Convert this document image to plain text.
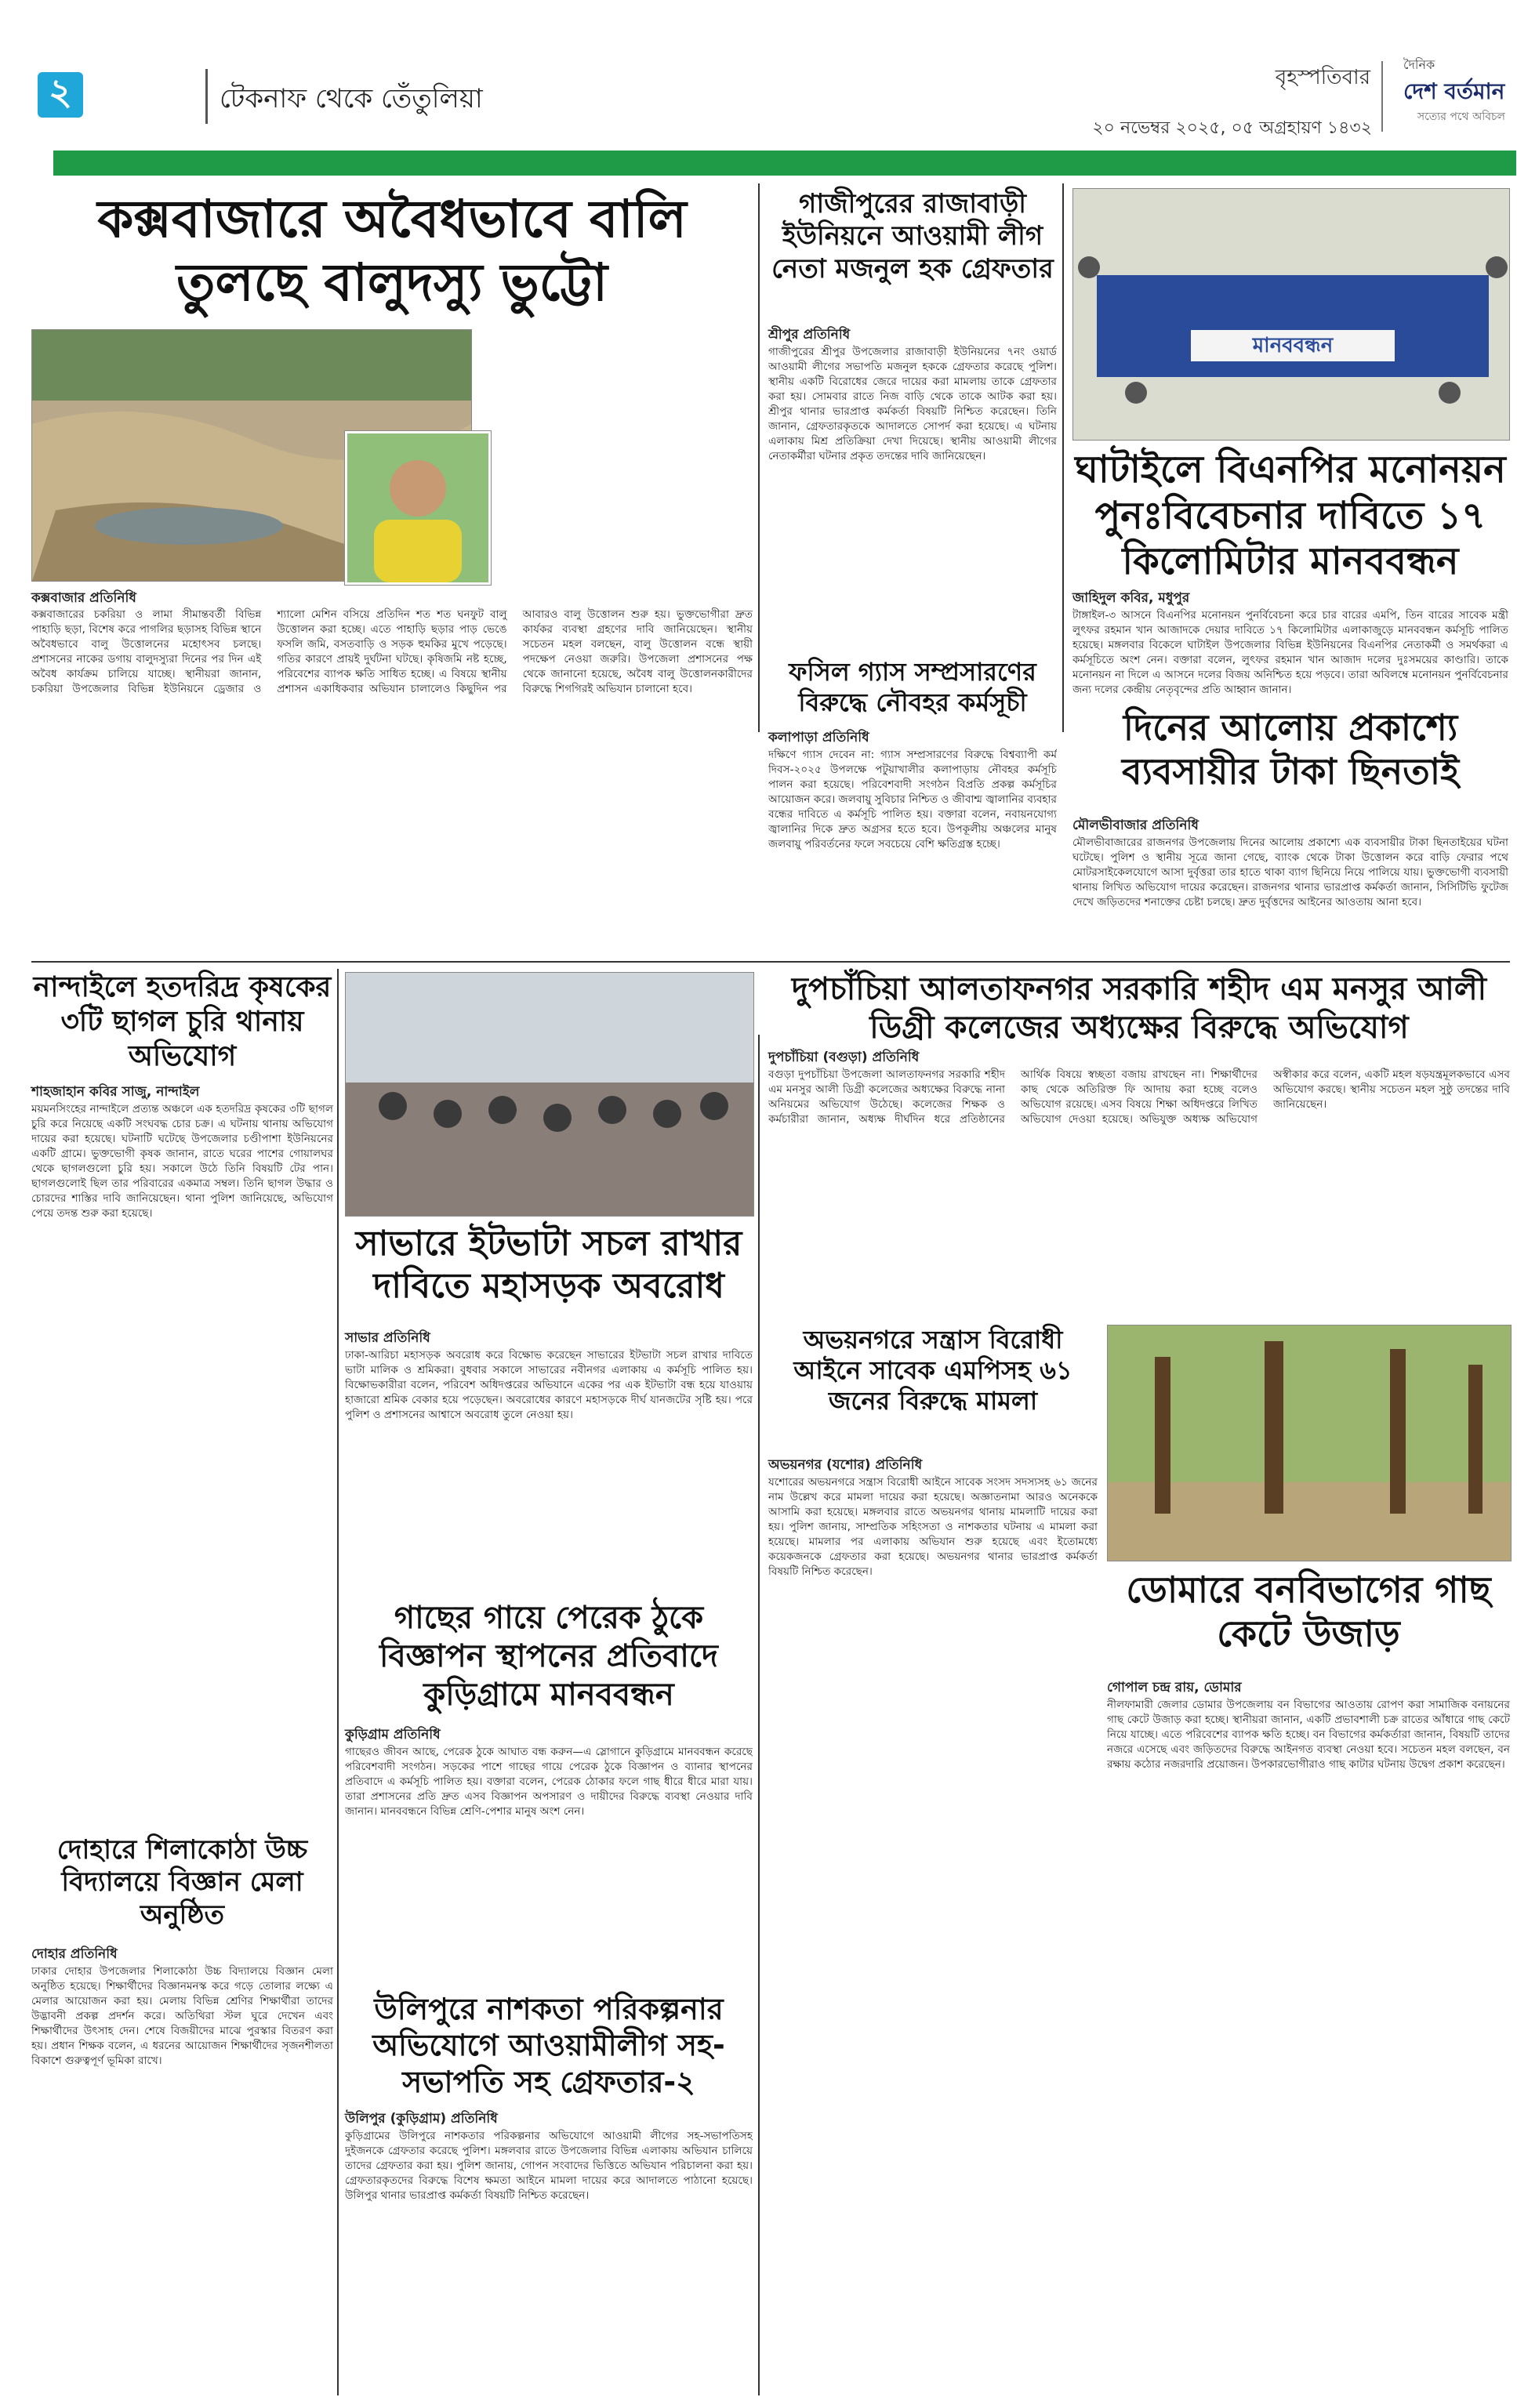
২	টেকনাফ থেকে তেঁতুলিয়া
বৃহস্পতিবার
২০ নভেম্বর ২০২৫, ০৫ অগ্রহায়ণ ১৪৩২
দৈনিক
দেশ বর্তমান
সত্যের পথে অবিচল
কক্সবাজারে অবৈধভাবে বালি তুলছে বালুদস্যু ভুট্টো
কক্সবাজার প্রতিনিধি
কক্সবাজারের চকরিয়া ও লামা সীমান্তবর্তী বিভিন্ন পাহাড়ি ছড়া, বিশেষ করে পাগলির ছড়াসহ বিভিন্ন স্থানে অবৈধভাবে বালু উত্তোলনের মহোৎসব চলছে। প্রশাসনের নাকের ডগায় বালুদস্যুরা দিনের পর দিন এই অবৈধ কার্যক্রম চালিয়ে যাচ্ছে। স্থানীয়রা জানান, চকরিয়া উপজেলার বিভিন্ন ইউনিয়নে ড্রেজার ও শ্যালো মেশিন বসিয়ে প্রতিদিন শত শত ঘনফুট বালু উত্তোলন করা হচ্ছে। এতে পাহাড়ি ছড়ার পাড় ভেঙে ফসলি জমি, বসতবাড়ি ও সড়ক হুমকির মুখে পড়েছে। গতির কারণে প্রায়ই দুর্ঘটনা ঘটছে। কৃষিজমি নষ্ট হচ্ছে, পরিবেশের ব্যাপক ক্ষতি সাধিত হচ্ছে। এ বিষয়ে স্থানীয় প্রশাসন একাধিকবার অভিযান চালালেও কিছুদিন পর আবারও বালু উত্তোলন শুরু হয়। ভুক্তভোগীরা দ্রুত কার্যকর ব্যবস্থা গ্রহণের দাবি জানিয়েছেন। স্থানীয় সচেতন মহল বলছেন, বালু উত্তোলন বন্ধে স্থায়ী পদক্ষেপ নেওয়া জরুরি। উপজেলা প্রশাসনের পক্ষ থেকে জানানো হয়েছে, অবৈধ বালু উত্তোলনকারীদের বিরুদ্ধে শিগগিরই অভিযান চালানো হবে।
গাজীপুরের রাজাবাড়ী ইউনিয়নে আওয়ামী লীগ নেতা মজনুল হক গ্রেফতার
শ্রীপুর প্রতিনিধি
গাজীপুরের শ্রীপুর উপজেলার রাজাবাড়ী ইউনিয়নের ৭নং ওয়ার্ড আওয়ামী লীগের সভাপতি মজনুল হককে গ্রেফতার করেছে পুলিশ। স্থানীয় একটি বিরোধের জেরে দায়ের করা মামলায় তাকে গ্রেফতার করা হয়। সোমবার রাতে নিজ বাড়ি থেকে তাকে আটক করা হয়। শ্রীপুর থানার ভারপ্রাপ্ত কর্মকর্তা বিষয়টি নিশ্চিত করেছেন। তিনি জানান, গ্রেফতারকৃতকে আদালতে সোপর্দ করা হয়েছে। এ ঘটনায় এলাকায় মিশ্র প্রতিক্রিয়া দেখা দিয়েছে। স্থানীয় আওয়ামী লীগের নেতাকর্মীরা ঘটনার প্রকৃত তদন্তের দাবি জানিয়েছেন।
ফসিল গ্যাস সম্প্রসারণের বিরুদ্ধে নৌবহর কর্মসূচী
কলাপাড়া প্রতিনিধি
দক্ষিণে গ্যাস দেবেন না: গ্যাস সম্প্রসারণের বিরুদ্ধে বিশ্বব্যাপী কর্ম দিবস-২০২৫ উপলক্ষে পটুয়াখালীর কলাপাড়ায় নৌবহর কর্মসূচি পালন করা হয়েছে। পরিবেশবাদী সংগঠন বিপ্রতি প্রকল্প কর্মসূচির আয়োজন করে। জলবায়ু সুবিচার নিশ্চিত ও জীবাশ্ম জ্বালানির ব্যবহার বন্ধের দাবিতে এ কর্মসূচি পালিত হয়। বক্তারা বলেন, নবায়নযোগ্য জ্বালানির দিকে দ্রুত অগ্রসর হতে হবে। উপকূলীয় অঞ্চলের মানুষ জলবায়ু পরিবর্তনের ফলে সবচেয়ে বেশি ক্ষতিগ্রস্ত হচ্ছে।
মানববন্ধন
ঘাটাইলে বিএনপির মনোনয়ন পুনঃবিবেচনার দাবিতে ১৭ কিলোমিটার মানববন্ধন
জাহিদুল কবির, মধুপুর
টাঙ্গাইল-৩ আসনে বিএনপির মনোনয়ন পুনর্বিবেচনা করে চার বারের এমপি, তিন বারের সাবেক মন্ত্রী লুৎফর রহমান খান আজাদকে দেয়ার দাবিতে ১৭ কিলোমিটার এলাকাজুড়ে মানববন্ধন কর্মসূচি পালিত হয়েছে। মঙ্গলবার বিকেলে ঘাটাইল উপজেলার বিভিন্ন ইউনিয়নের বিএনপির নেতাকর্মী ও সমর্থকরা এ কর্মসূচিতে অংশ নেন। বক্তারা বলেন, লুৎফর রহমান খান আজাদ দলের দুঃসময়ের কাণ্ডারি। তাকে মনোনয়ন না দিলে এ আসনে দলের বিজয় অনিশ্চিত হয়ে পড়বে। তারা অবিলম্বে মনোনয়ন পুনর্বিবেচনার জন্য দলের কেন্দ্রীয় নেতৃবৃন্দের প্রতি আহ্বান জানান।
দিনের আলোয় প্রকাশ্যে ব্যবসায়ীর টাকা ছিনতাই
মৌলভীবাজার প্রতিনিধি
মৌলভীবাজারের রাজনগর উপজেলায় দিনের আলোয় প্রকাশ্যে এক ব্যবসায়ীর টাকা ছিনতাইয়ের ঘটনা ঘটেছে। পুলিশ ও স্থানীয় সূত্রে জানা গেছে, ব্যাংক থেকে টাকা উত্তোলন করে বাড়ি ফেরার পথে মোটরসাইকেলযোগে আসা দুর্বৃত্তরা তার হাতে থাকা ব্যাগ ছিনিয়ে নিয়ে পালিয়ে যায়। ভুক্তভোগী ব্যবসায়ী থানায় লিখিত অভিযোগ দায়ের করেছেন। রাজনগর থানার ভারপ্রাপ্ত কর্মকর্তা জানান, সিসিটিভি ফুটেজ দেখে জড়িতদের শনাক্তের চেষ্টা চলছে। দ্রুত দুর্বৃত্তদের আইনের আওতায় আনা হবে।
নান্দাইলে হতদরিদ্র কৃষকের ৩টি ছাগল চুরি থানায় অভিযোগ
শাহজাহান কবির সাজু, নান্দাইল
ময়মনসিংহের নান্দাইলে প্রত্যন্ত অঞ্চলে এক হতদরিদ্র কৃষকের ৩টি ছাগল চুরি করে নিয়েছে একটি সংঘবদ্ধ চোর চক্র। এ ঘটনায় থানায় অভিযোগ দায়ের করা হয়েছে। ঘটনাটি ঘটেছে উপজেলার চণ্ডীপাশা ইউনিয়নের একটি গ্রামে। ভুক্তভোগী কৃষক জানান, রাতে ঘরের পাশের গোয়ালঘর থেকে ছাগলগুলো চুরি হয়। সকালে উঠে তিনি বিষয়টি টের পান। ছাগলগুলোই ছিল তার পরিবারের একমাত্র সম্বল। তিনি ছাগল উদ্ধার ও চোরদের শাস্তির দাবি জানিয়েছেন। থানা পুলিশ জানিয়েছে, অভিযোগ পেয়ে তদন্ত শুরু করা হয়েছে।
দোহারে শিলাকোঠা উচ্চ বিদ্যালয়ে বিজ্ঞান মেলা অনুষ্ঠিত
দোহার প্রতিনিধি
ঢাকার দোহার উপজেলার শিলাকোঠা উচ্চ বিদ্যালয়ে বিজ্ঞান মেলা অনুষ্ঠিত হয়েছে। শিক্ষার্থীদের বিজ্ঞানমনস্ক করে গড়ে তোলার লক্ষ্যে এ মেলার আয়োজন করা হয়। মেলায় বিভিন্ন শ্রেণির শিক্ষার্থীরা তাদের উদ্ভাবনী প্রকল্প প্রদর্শন করে। অতিথিরা স্টল ঘুরে দেখেন এবং শিক্ষার্থীদের উৎসাহ দেন। শেষে বিজয়ীদের মাঝে পুরস্কার বিতরণ করা হয়। প্রধান শিক্ষক বলেন, এ ধরনের আয়োজন শিক্ষার্থীদের সৃজনশীলতা বিকাশে গুরুত্বপূর্ণ ভূমিকা রাখে।
সাভারে ইটভাটা সচল রাখার দাবিতে মহাসড়ক অবরোধ
সাভার প্রতিনিধি
ঢাকা-আরিচা মহাসড়ক অবরোধ করে বিক্ষোভ করেছেন সাভারের ইটভাটা সচল রাখার দাবিতে ভাটা মালিক ও শ্রমিকরা। বুধবার সকালে সাভারের নবীনগর এলাকায় এ কর্মসূচি পালিত হয়। বিক্ষোভকারীরা বলেন, পরিবেশ অধিদপ্তরের অভিযানে একের পর এক ইটভাটা বন্ধ হয়ে যাওয়ায় হাজারো শ্রমিক বেকার হয়ে পড়েছেন। অবরোধের কারণে মহাসড়কে দীর্ঘ যানজটের সৃষ্টি হয়। পরে পুলিশ ও প্রশাসনের আশ্বাসে অবরোধ তুলে নেওয়া হয়।
গাছের গায়ে পেরেক ঠুকে বিজ্ঞাপন স্থাপনের প্রতিবাদে কুড়িগ্রামে মানববন্ধন
কুড়িগ্রাম প্রতিনিধি
গাছেরও জীবন আছে, পেরেক ঠুকে আঘাত বন্ধ করুন—এ স্লোগানে কুড়িগ্রামে মানববন্ধন করেছে পরিবেশবাদী সংগঠন। সড়কের পাশে গাছের গায়ে পেরেক ঠুকে বিজ্ঞাপন ও ব্যানার স্থাপনের প্রতিবাদে এ কর্মসূচি পালিত হয়। বক্তারা বলেন, পেরেক ঠোকার ফলে গাছ ধীরে ধীরে মারা যায়। তারা প্রশাসনের প্রতি দ্রুত এসব বিজ্ঞাপন অপসারণ ও দায়ীদের বিরুদ্ধে ব্যবস্থা নেওয়ার দাবি জানান। মানববন্ধনে বিভিন্ন শ্রেণি-পেশার মানুষ অংশ নেন।
উলিপুরে নাশকতা পরিকল্পনার অভিযোগে আওয়ামীলীগ সহ-সভাপতি সহ গ্রেফতার-২
উলিপুর (কুড়িগ্রাম) প্রতিনিধি
কুড়িগ্রামের উলিপুরে নাশকতার পরিকল্পনার অভিযোগে আওয়ামী লীগের সহ-সভাপতিসহ দুইজনকে গ্রেফতার করেছে পুলিশ। মঙ্গলবার রাতে উপজেলার বিভিন্ন এলাকায় অভিযান চালিয়ে তাদের গ্রেফতার করা হয়। পুলিশ জানায়, গোপন সংবাদের ভিত্তিতে অভিযান পরিচালনা করা হয়। গ্রেফতারকৃতদের বিরুদ্ধে বিশেষ ক্ষমতা আইনে মামলা দায়ের করে আদালতে পাঠানো হয়েছে। উলিপুর থানার ভারপ্রাপ্ত কর্মকর্তা বিষয়টি নিশ্চিত করেছেন।
দুপচাঁচিয়া আলতাফনগর সরকারি শহীদ এম মনসুর আলী ডিগ্রী কলেজের অধ্যক্ষের বিরুদ্ধে অভিযোগ
দুপচাঁচিয়া (বগুড়া) প্রতিনিধি
বগুড়া দুপচাঁচিয়া উপজেলা আলতাফনগর সরকারি শহীদ এম মনসুর আলী ডিগ্রী কলেজের অধ্যক্ষের বিরুদ্ধে নানা অনিয়মের অভিযোগ উঠেছে। কলেজের শিক্ষক ও কর্মচারীরা জানান, অধ্যক্ষ দীর্ঘদিন ধরে প্রতিষ্ঠানের আর্থিক বিষয়ে স্বচ্ছতা বজায় রাখছেন না। শিক্ষার্থীদের কাছ থেকে অতিরিক্ত ফি আদায় করা হচ্ছে বলেও অভিযোগ রয়েছে। এসব বিষয়ে শিক্ষা অধিদপ্তরে লিখিত অভিযোগ দেওয়া হয়েছে। অভিযুক্ত অধ্যক্ষ অভিযোগ অস্বীকার করে বলেন, একটি মহল ষড়যন্ত্রমূলকভাবে এসব অভিযোগ করছে। স্থানীয় সচেতন মহল সুষ্ঠু তদন্তের দাবি জানিয়েছেন।
অভয়নগরে সন্ত্রাস বিরোধী আইনে সাবেক এমপিসহ ৬১ জনের বিরুদ্ধে মামলা
অভয়নগর (যশোর) প্রতিনিধি
যশোরের অভয়নগরে সন্ত্রাস বিরোধী আইনে সাবেক সংসদ সদস্যসহ ৬১ জনের নাম উল্লেখ করে মামলা দায়ের করা হয়েছে। অজ্ঞাতনামা আরও অনেককে আসামি করা হয়েছে। মঙ্গলবার রাতে অভয়নগর থানায় মামলাটি দায়ের করা হয়। পুলিশ জানায়, সাম্প্রতিক সহিংসতা ও নাশকতার ঘটনায় এ মামলা করা হয়েছে। মামলার পর এলাকায় অভিযান শুরু হয়েছে এবং ইতোমধ্যে কয়েকজনকে গ্রেফতার করা হয়েছে। অভয়নগর থানার ভারপ্রাপ্ত কর্মকর্তা বিষয়টি নিশ্চিত করেছেন।	ডোমারে বনবিভাগের গাছ কেটে উজাড়
গোপাল চন্দ্র রায়, ডোমার
নীলফামারী জেলার ডোমার উপজেলায় বন বিভাগের আওতায় রোপণ করা সামাজিক বনায়নের গাছ কেটে উজাড় করা হচ্ছে। স্থানীয়রা জানান, একটি প্রভাবশালী চক্র রাতের আঁধারে গাছ কেটে নিয়ে যাচ্ছে। এতে পরিবেশের ব্যাপক ক্ষতি হচ্ছে। বন বিভাগের কর্মকর্তারা জানান, বিষয়টি তাদের নজরে এসেছে এবং জড়িতদের বিরুদ্ধে আইনগত ব্যবস্থা নেওয়া হবে। সচেতন মহল বলছেন, বন রক্ষায় কঠোর নজরদারি প্রয়োজন। উপকারভোগীরাও গাছ কাটার ঘটনায় উদ্বেগ প্রকাশ করেছেন।
